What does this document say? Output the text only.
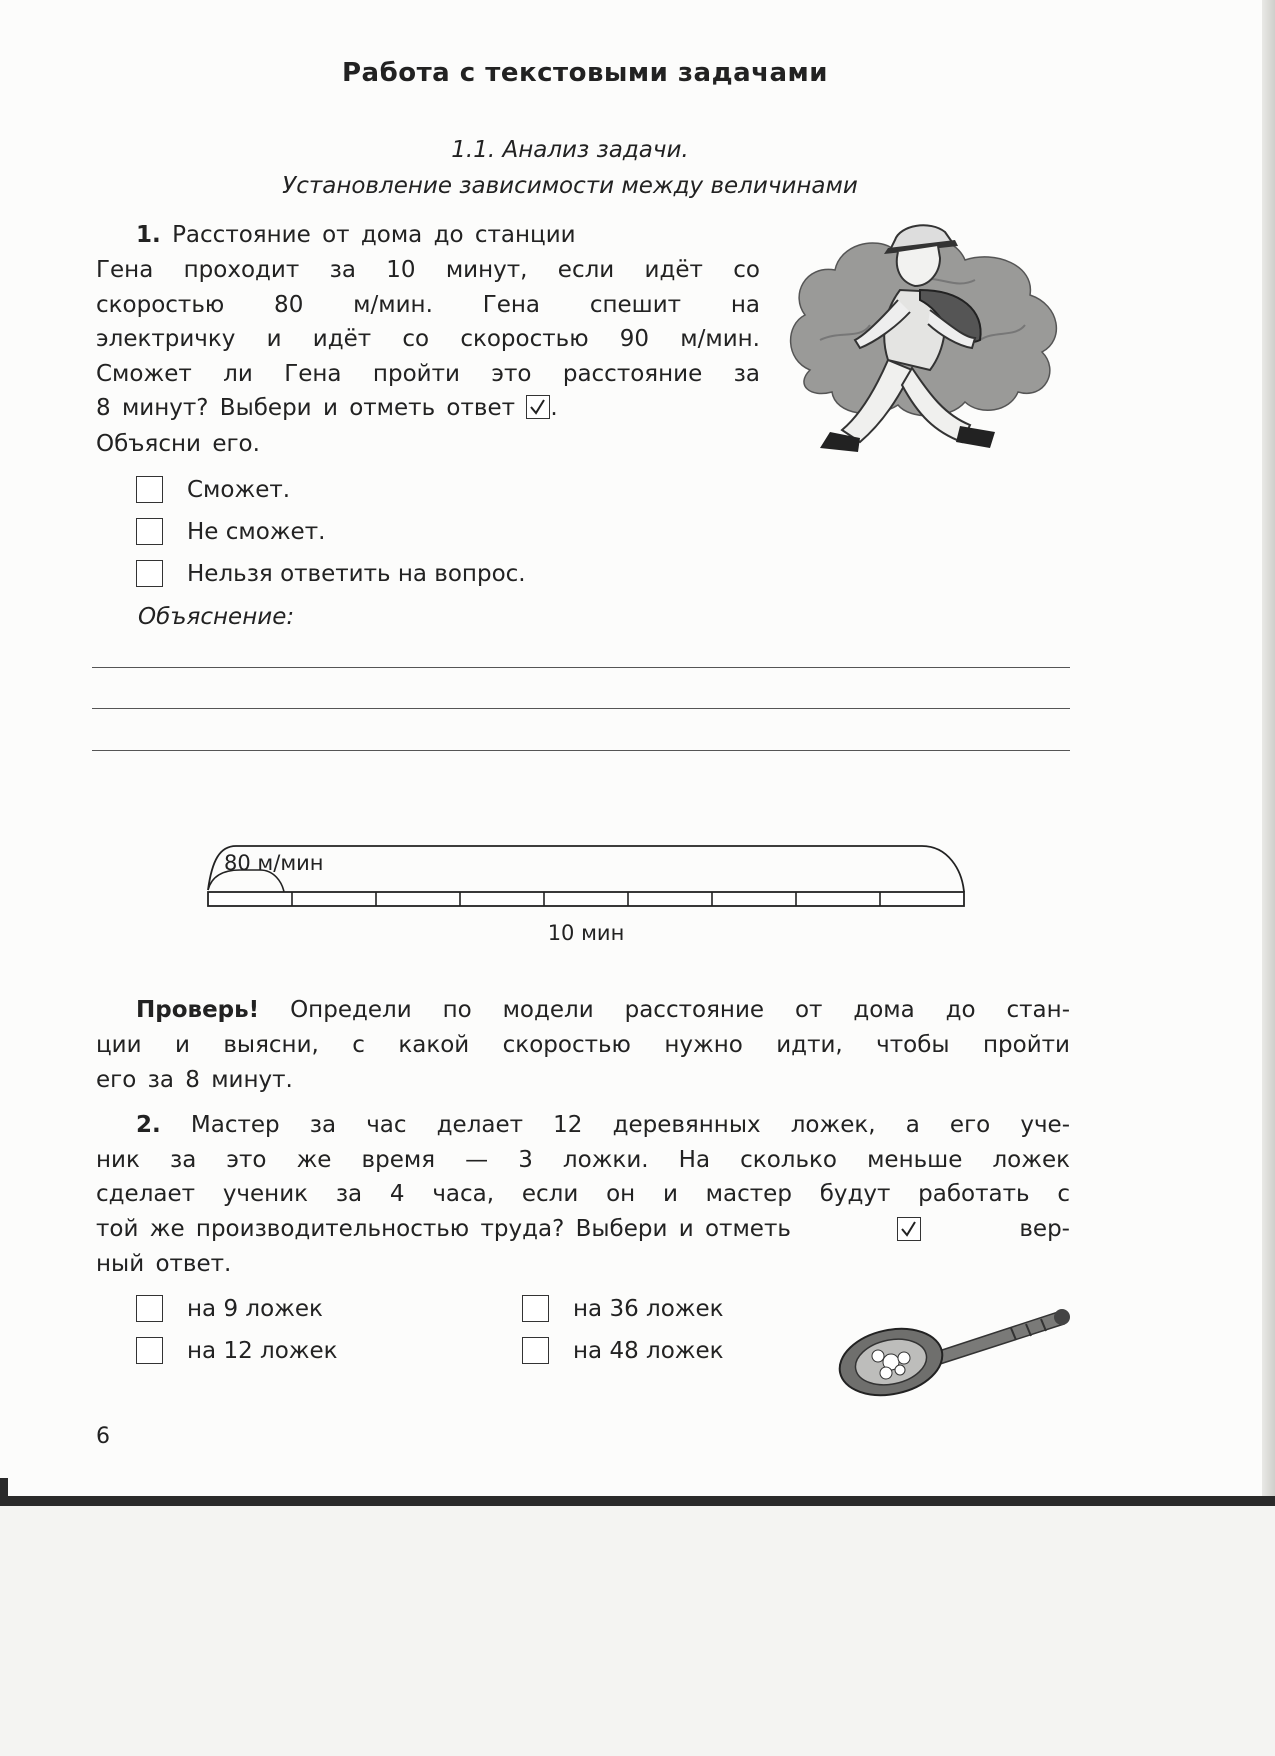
Работа с текстовыми задачами
1.1. Анализ задачи.
Установление зависимости между величинами
1. Расстояние от дома до станции
Гена проходит за 10 минут, если идёт со
скоростью 80 м/мин. Гена спешит на
электричку и идёт со скоростью 90 м/мин.
Сможет ли Гена пройти это расстояние за
8 минут? Выбери и отметь ответ .
Объясни его.
Сможет.
Не сможет.
Нельзя ответить на вопрос.
Объяснение:
80 м/мин
10 мин
Проверь! Определи по модели расстояние от дома до стан-
ции и выясни, с какой скоростью нужно идти, чтобы пройти
его за 8 минут.
2. Мастер за час делает 12 деревянных ложек, а его уче-
ник за это же время — 3 ложки. На сколько меньше ложек
сделает ученик за 4 часа, если он и мастер будут работать с
той же производительностью труда? Выбери и отметь	вер-
ный ответ.
на 9 ложек
на 12 ложек
на 36 ложек
на 48 ложек
6
